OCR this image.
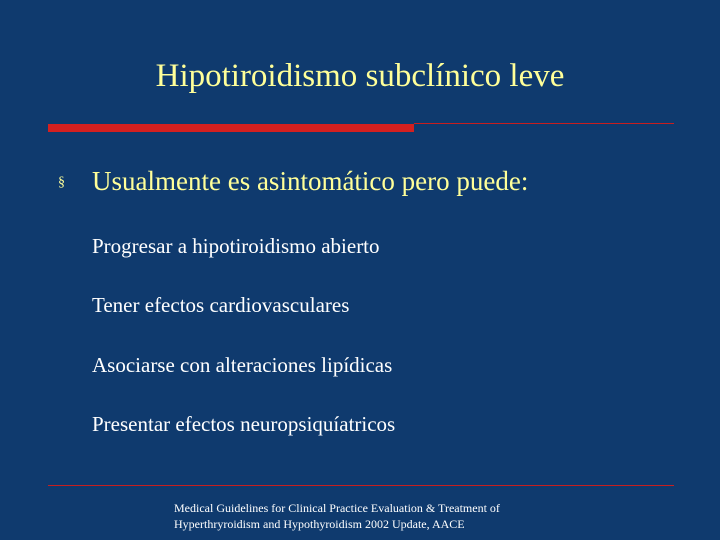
Hipotiroidismo subclínico leve
§ Usualmente es asintomático pero puede:
Progresar a hipotiroidismo abierto
Tener efectos cardiovasculares
Asociarse con alteraciones lipídicas
Presentar efectos neuropsiquíatricos
Medical Guidelines for Clinical Practice Evaluation & Treatment of
Hyperthryroidism and Hypothyroidism 2002 Update, AACE
